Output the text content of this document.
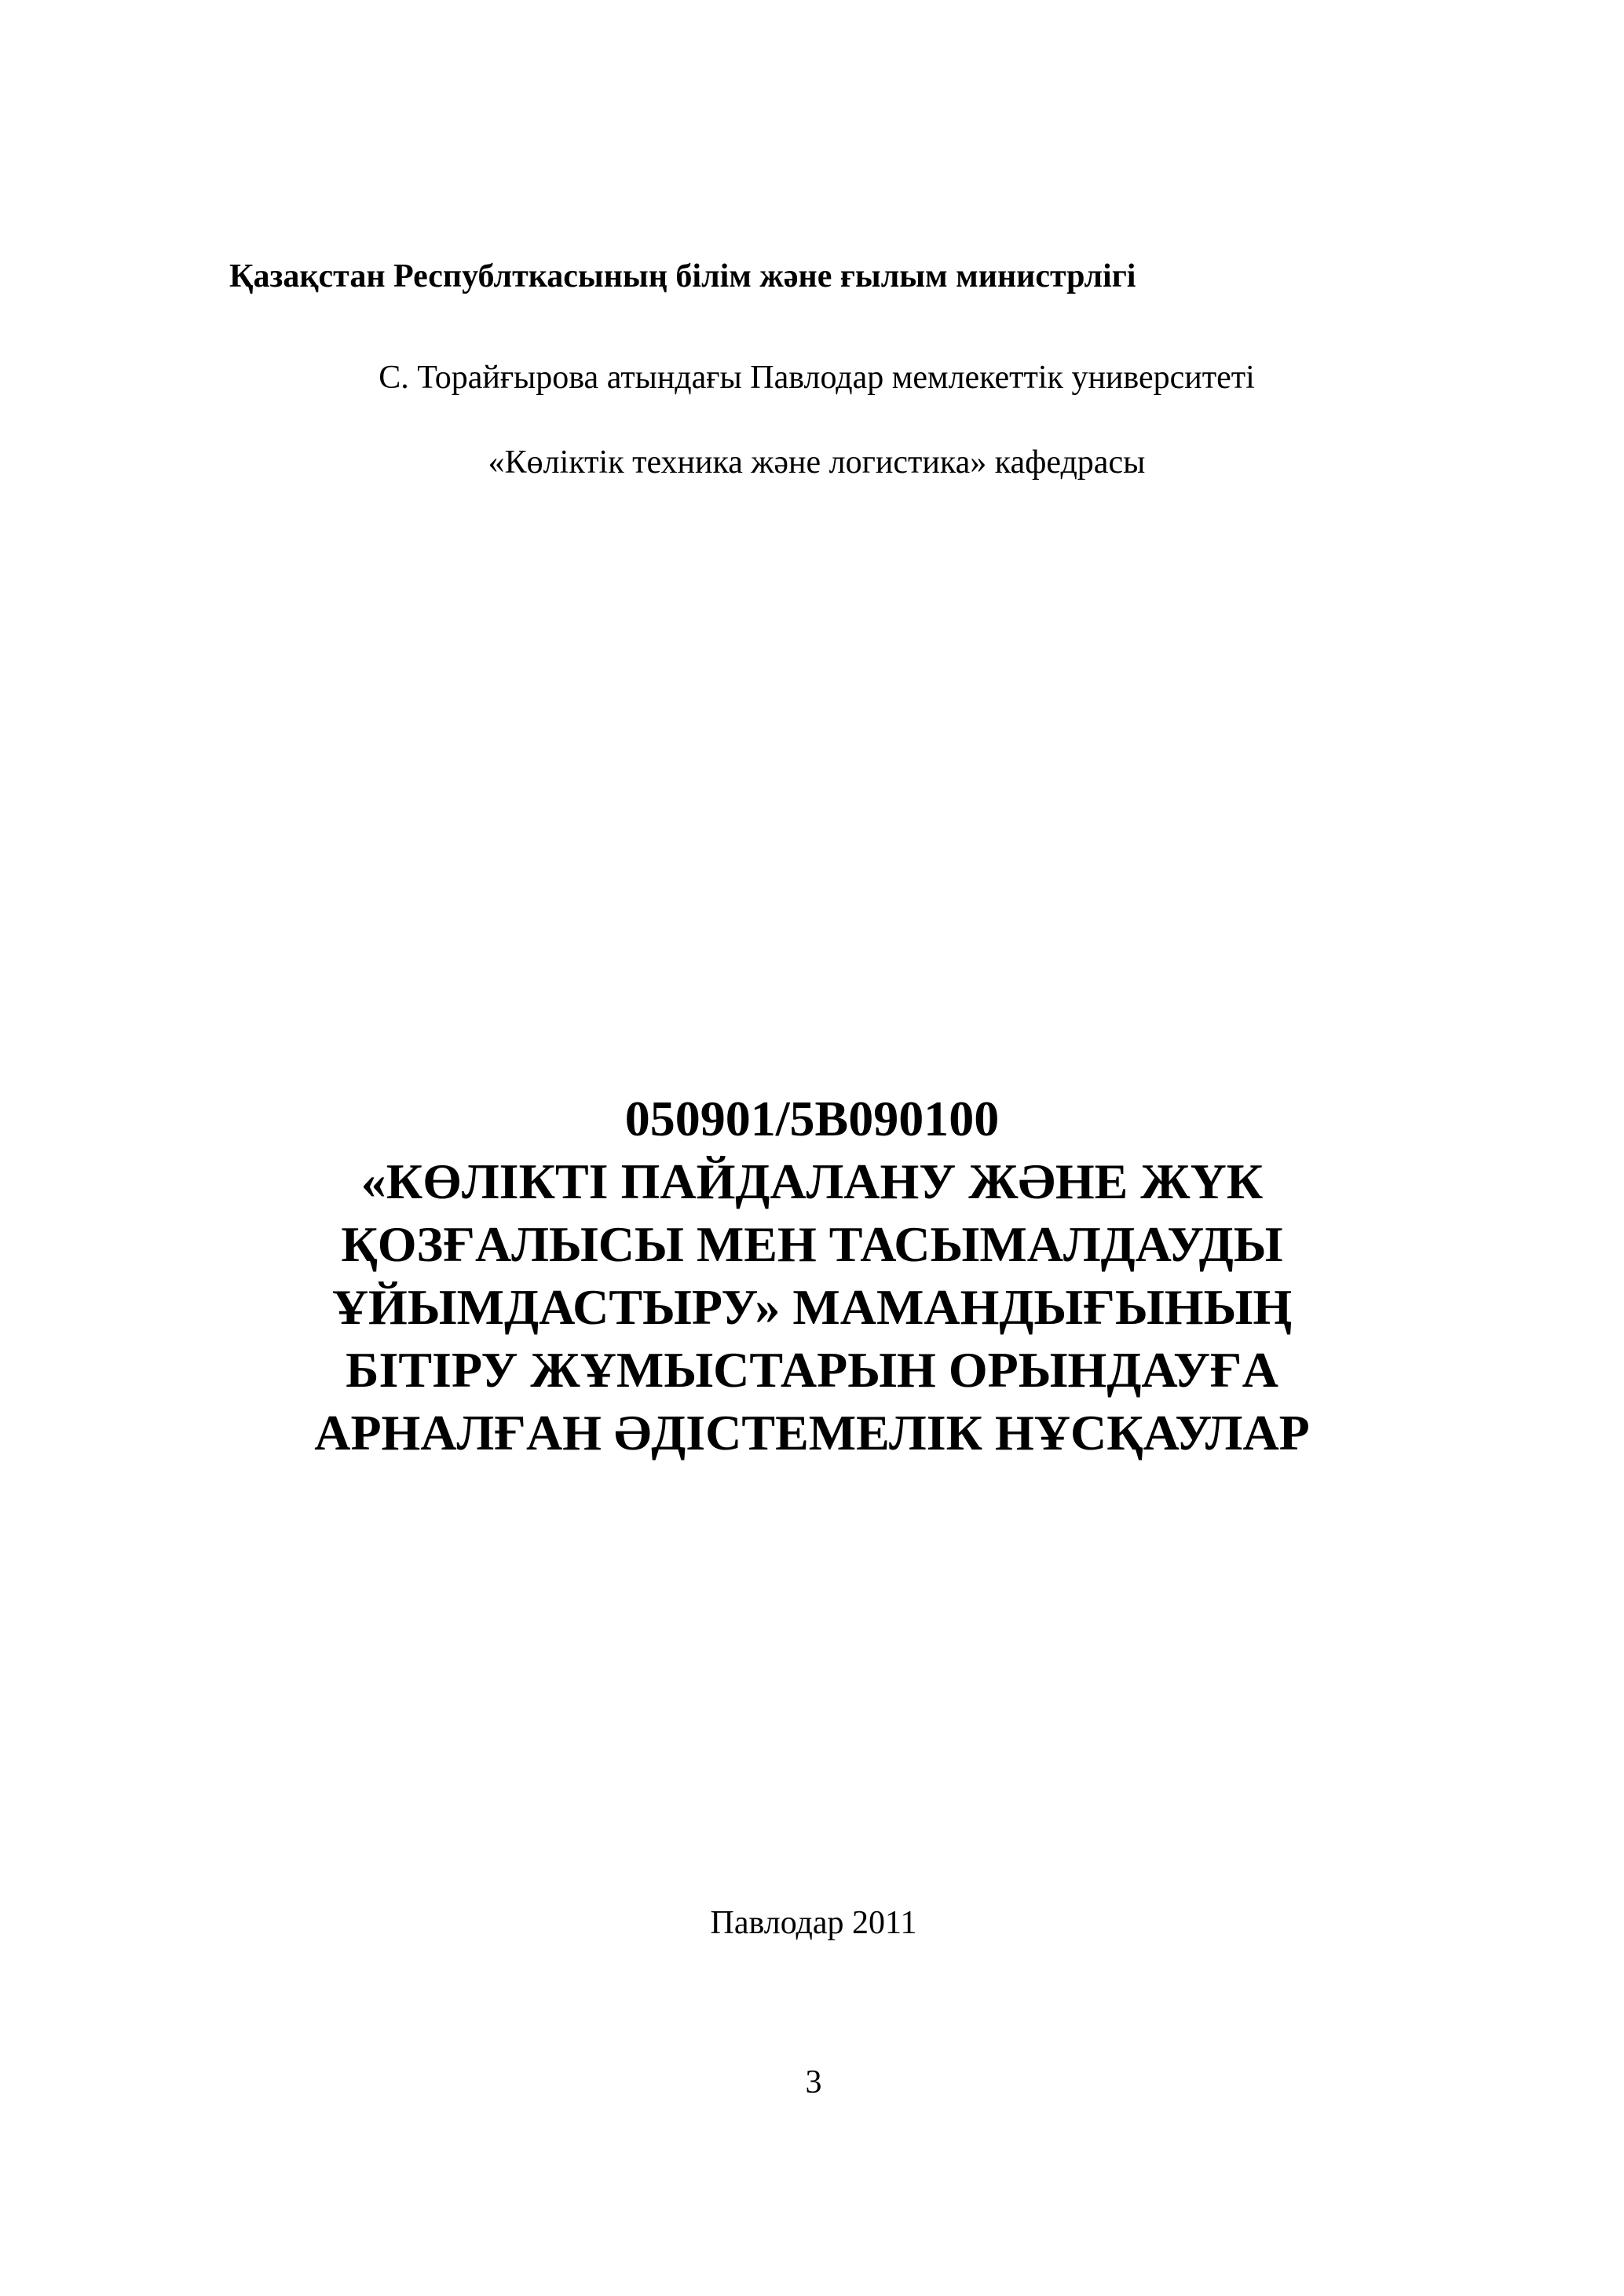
Қазақстан Республткасының білім және ғылым министрлігі
С. Торайғырова атындағы Павлодар мемлекеттік университеті
«Көліктік техника және логистика» кафедрасы
050901/5В090100
«КӨЛІКТІ ПАЙДАЛАНУ ЖӘНЕ ЖҮК
ҚОЗҒАЛЫСЫ МЕН ТАСЫМАЛДАУДЫ
ҰЙЫМДАСТЫРУ» МАМАНДЫҒЫНЫҢ
БІТІРУ ЖҰМЫСТАРЫН ОРЫНДАУҒА
АРНАЛҒАН ӘДІСТЕМЕЛІК НҰСҚАУЛАР
Павлодар 2011
3
